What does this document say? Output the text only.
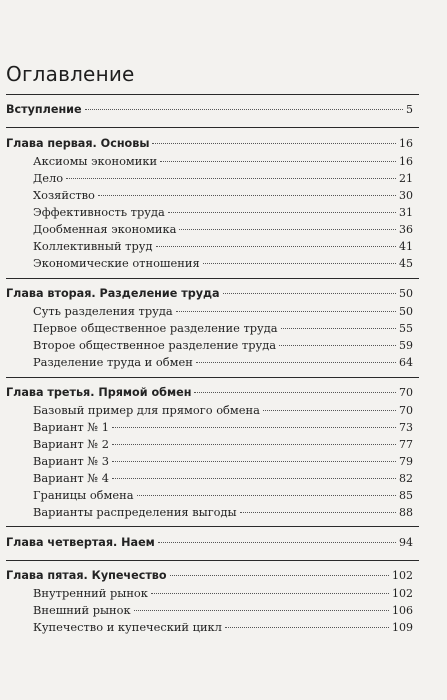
Оглавление
Вступление	5
Глава первая. Основы	16
Аксиомы экономики	16
Дело	21
Хозяйство	30
Эффективность труда	31
Дообменная экономика	36
Коллективный труд	41
Экономические отношения	45
Глава вторая. Разделение труда	50
Суть разделения труда	50
Первое общественное разделение труда	55
Второе общественное разделение труда	59
Разделение труда и обмен	64
Глава третья. Прямой обмен	70
Базовый пример для прямого обмена	70
Вариант № 1	73
Вариант № 2	77
Вариант № 3	79
Вариант № 4	82
Границы обмена	85
Варианты распределения выгоды	88
Глава четвертая. Наем	94
Глава пятая. Купечество	102
Внутренний рынок	102
Внешний рынок	106
Купечество и купеческий цикл	109
